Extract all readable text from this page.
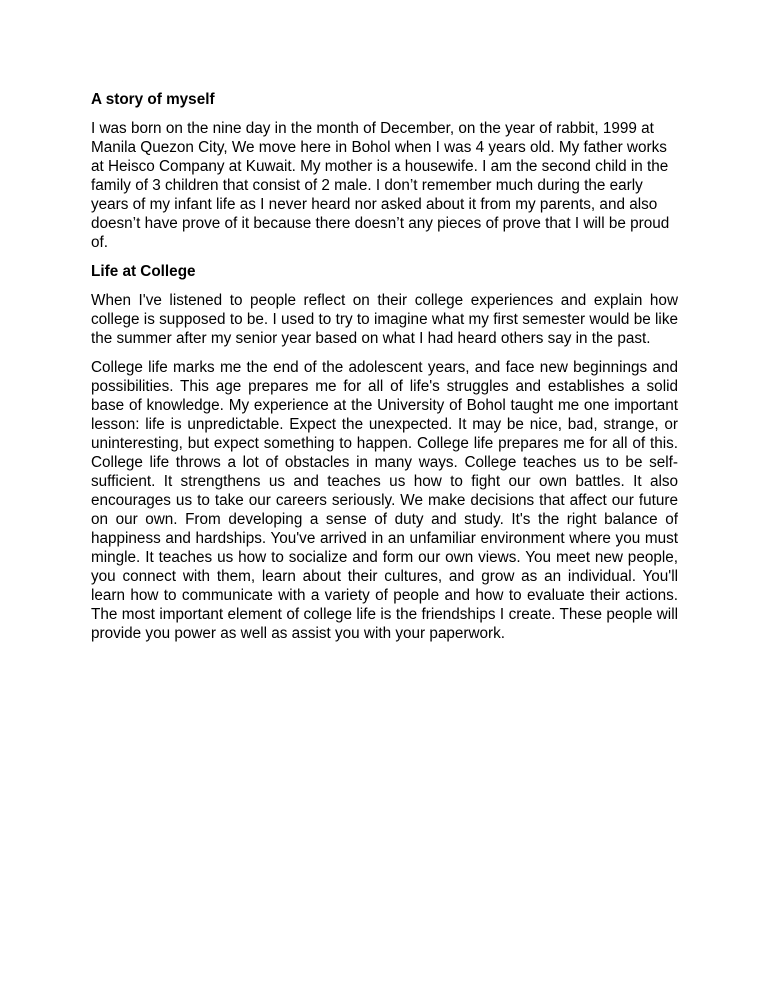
A story of myself

I was born on the nine day in the month of December, on the year of rabbit, 1999 at Manila Quezon City, We move here in Bohol when I was 4 years old. My father works at Heisco Company at Kuwait. My mother is a housewife. I am the second child in the family of 3 children that consist of 2 male. I don’t remember much during the early years of my infant life as I never heard nor asked about it from my parents, and also doesn’t have prove of it because there doesn’t any pieces of prove that I will be proud of.

Life at College

When I've listened to people reflect on their college experiences and explain how college is supposed to be. I used to try to imagine what my first semester would be like the summer after my senior year based on what I had heard others say in the past.

College life marks me the end of the adolescent years, and face new beginnings and possibilities. This age prepares me for all of life's struggles and establishes a solid base of knowledge. My experience at the University of Bohol taught me one important lesson: life is unpredictable. Expect the unexpected. It may be nice, bad, strange, or uninteresting, but expect something to happen. College life prepares me for all of this. College life throws a lot of obstacles in many ways. College teaches us to be self-sufficient. It strengthens us and teaches us how to fight our own battles. It also encourages us to take our careers seriously. We make decisions that affect our future on our own. From developing a sense of duty and study. It's the right balance of happiness and hardships. You've arrived in an unfamiliar environment where you must mingle. It teaches us how to socialize and form our own views. You meet new people, you connect with them, learn about their cultures, and grow as an individual. You'll learn how to communicate with a variety of people and how to evaluate their actions. The most important element of college life is the friendships I create. These people will provide you power as well as assist you with your paperwork.
